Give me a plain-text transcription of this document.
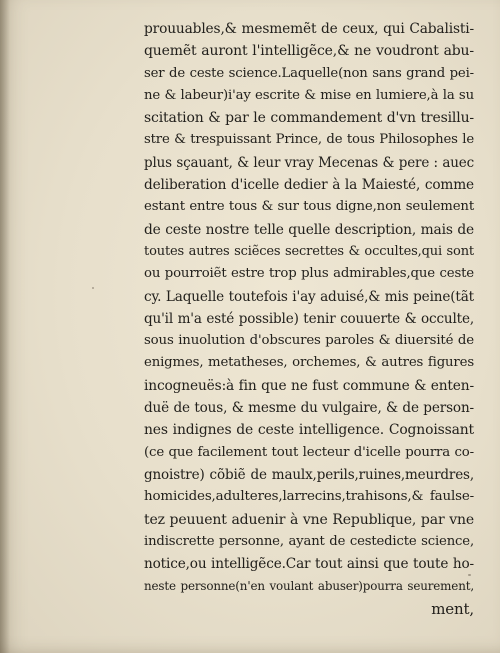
prouuables,& mesmemẽt de ceux, qui Cabalisti-
quemẽt auront l'intelligẽce,& ne voudront abu-
ser de ceste science.Laquelle(non sans grand pei-
ne & labeur)i'ay escrite & mise en lumiere,à la su
scitation & par le commandement d'vn tresillu-
stre & trespuissant Prince, de tous Philosophes le
plus sçauant, & leur vray Mecenas & pere : auec
deliberation d'icelle dedier à la Maiesté, comme
estant entre tous & sur tous digne,non seulement
de ceste nostre telle quelle description, mais de
toutes autres sciẽces secrettes & occultes,qui sont
ou pourroiẽt estre trop plus admirables,que ceste
cy. Laquelle toutefois i'ay aduisé,& mis peine(tãt
qu'il m'a esté possible) tenir couuerte & occulte,
sous inuolution d'obscures paroles & diuersité de
enigmes, metatheses, orchemes, & autres figures
incogneuës:à fin que ne fust commune & enten-
duë de tous, & mesme du vulgaire, & de person-
nes indignes de ceste intelligence. Cognoissant
(ce que facilement tout lecteur d'icelle pourra co-
gnoistre) cõbiẽ de maulx,perils,ruines,meurdres,
homicides,adulteres,larrecins,trahisons,& faulse-
tez peuuent aduenir à vne Republique, par vne
indiscrette personne, ayant de cestedicte science,
notice,ou intelligẽce.Car tout ainsi que toute ho-
neste personne(n'en voulant abuser)pourra seurement,
ment,
